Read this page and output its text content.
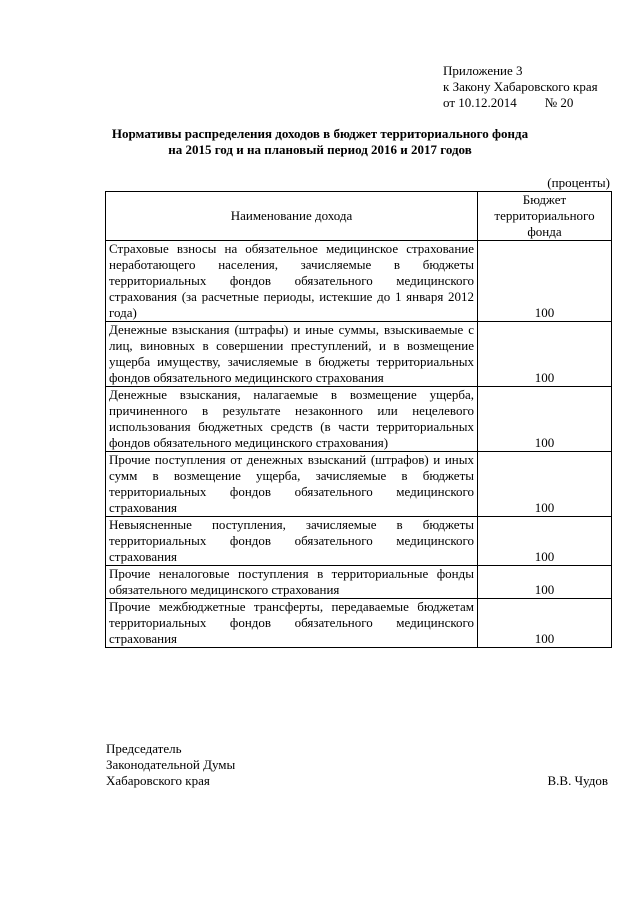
Приложение 3
к Закону Хабаровского края
от 10.12.2014 № 20
Нормативы распределения доходов в бюджет территориального фонда
на 2015 год и на плановый период 2016 и 2017 годов
(проценты)
Наименование дохода	Бюджет территориального фонда
Страховые взносы на обязательное медицинское страхование неработающего населения, зачисляемые в бюджеты территориальных фондов обязательного медицинского страхования (за расчетные периоды, истекшие до 1 января 2012 года)	100
Денежные взыскания (штрафы) и иные суммы, взыскиваемые с лиц, виновных в совершении преступлений, и в возмещение ущерба имуществу, зачисляемые в бюджеты территориальных фондов обязательного медицинского страхования	100
Денежные взыскания, налагаемые в возмещение ущерба, причиненного в результате незаконного или нецелевого использования бюджетных средств (в части территориальных фондов обязательного медицинского страхования)	100
Прочие поступления от денежных взысканий (штрафов) и иных сумм в возмещение ущерба, зачисляемые в бюджеты территориальных фондов обязательного медицинского страхования	100
Невыясненные поступления, зачисляемые в бюджеты территориальных фондов обязательного медицинского страхования	100
Прочие неналоговые поступления в территориальные фонды обязательного медицинского страхования	100
Прочие межбюджетные трансферты, передаваемые бюджетам территориальных фондов обязательного медицинского страхования	100
Председатель
Законодательной Думы
Хабаровского края	В.В. Чудов
